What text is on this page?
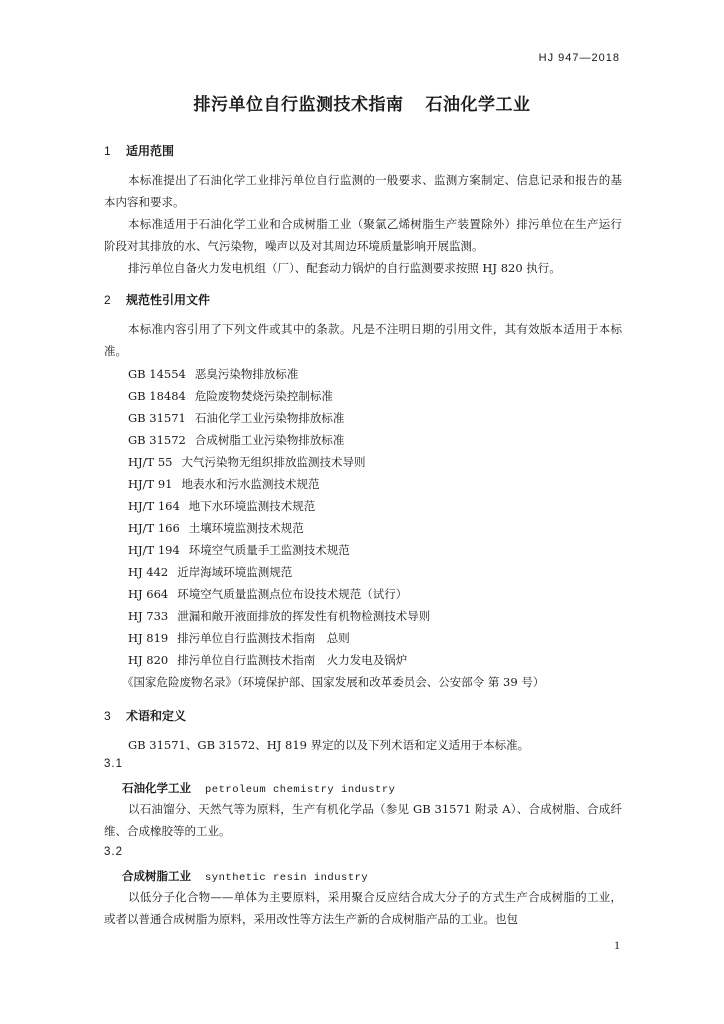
HJ 947—2018
排污单位自行监测技术指南 石油化学工业
1 适用范围
本标准提出了石油化学工业排污单位自行监测的一般要求、监测方案制定、信息记录和报告的基本内容和要求。
本标准适用于石油化学工业和合成树脂工业（聚氯乙烯树脂生产装置除外）排污单位在生产运行阶段对其排放的水、气污染物，噪声以及对其周边环境质量影响开展监测。
排污单位自备火力发电机组（厂）、配套动力锅炉的自行监测要求按照 HJ 820 执行。
2 规范性引用文件
本标准内容引用了下列文件或其中的条款。凡是不注明日期的引用文件，其有效版本适用于本标准。
GB 14554 恶臭污染物排放标准
GB 18484 危险废物焚烧污染控制标准
GB 31571 石油化学工业污染物排放标准
GB 31572 合成树脂工业污染物排放标准
HJ/T 55 大气污染物无组织排放监测技术导则
HJ/T 91 地表水和污水监测技术规范
HJ/T 164 地下水环境监测技术规范
HJ/T 166 土壤环境监测技术规范
HJ/T 194 环境空气质量手工监测技术规范
HJ 442 近岸海域环境监测规范
HJ 664 环境空气质量监测点位布设技术规范（试行）
HJ 733 泄漏和敞开液面排放的挥发性有机物检测技术导则
HJ 819 排污单位自行监测技术指南　总则
HJ 820 排污单位自行监测技术指南　火力发电及锅炉
《国家危险废物名录》（环境保护部、国家发展和改革委员会、公安部令 第 39 号）
3 术语和定义
GB 31571、GB 31572、HJ 819 界定的以及下列术语和定义适用于本标准。
3.1
石油化学工业 petroleum chemistry industry
以石油馏分、天然气等为原料，生产有机化学品（参见 GB 31571 附录 A）、合成树脂、合成纤维、合成橡胶等的工业。
3.2
合成树脂工业 synthetic resin industry
以低分子化合物——单体为主要原料，采用聚合反应结合成大分子的方式生产合成树脂的工业，或者以普通合成树脂为原料，采用改性等方法生产新的合成树脂产品的工业。也包
1
